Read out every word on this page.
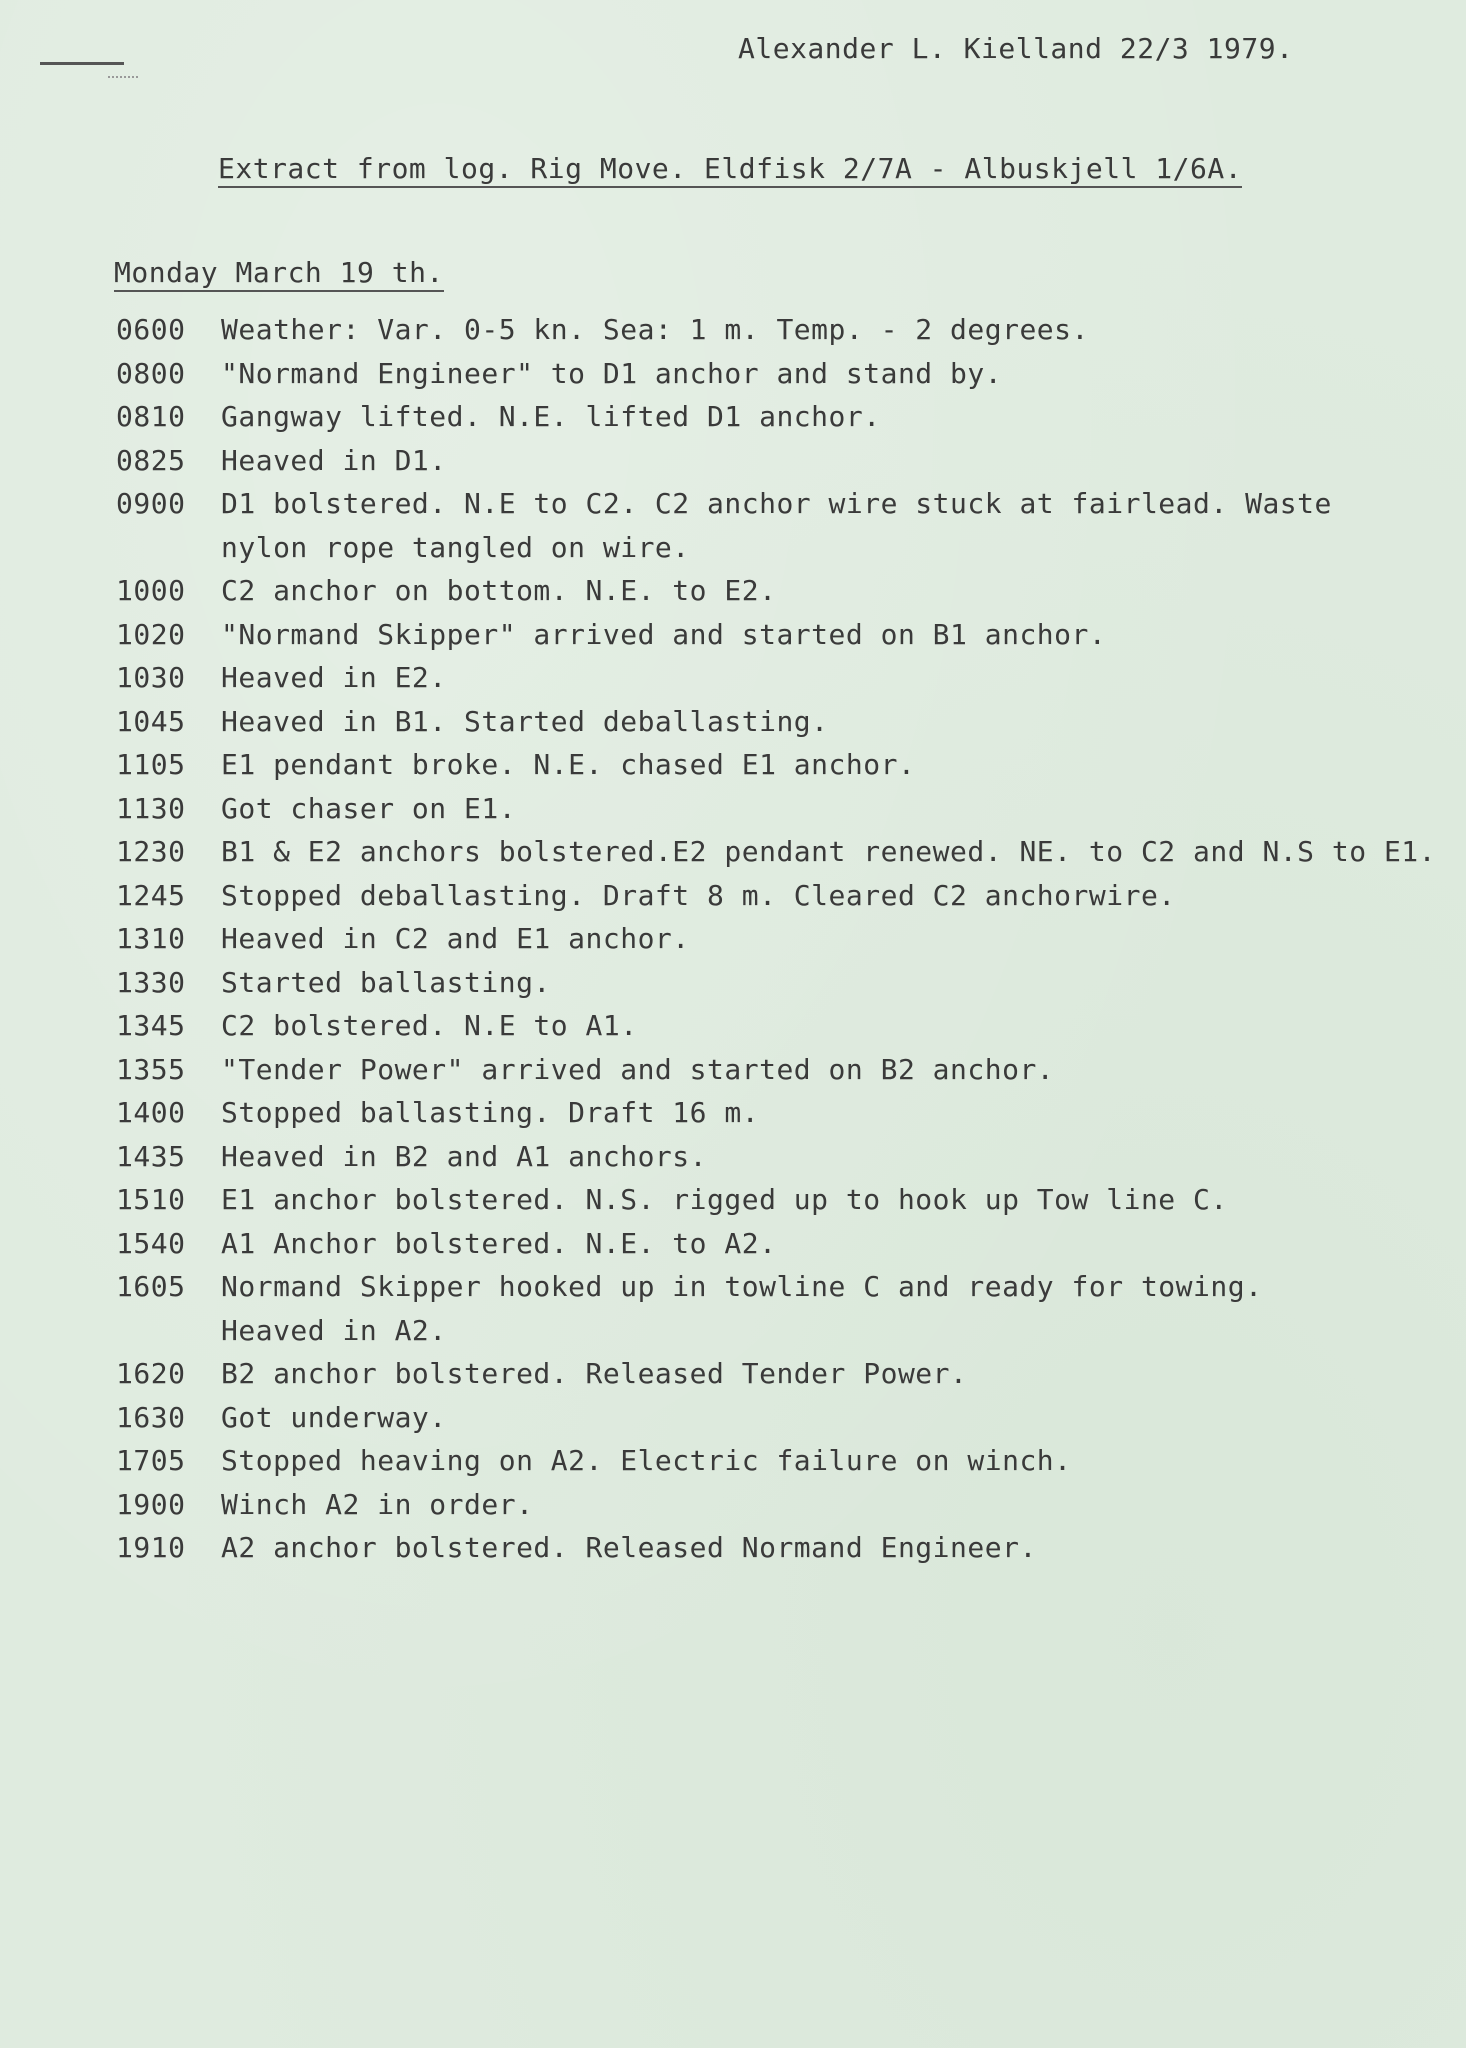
Alexander L. Kielland 22/3 1979.
Extract from log. Rig Move. Eldfisk 2/7A - Albuskjell 1/6A.
Monday March 19 th.
0600	Weather: Var. 0-5 kn. Sea: 1 m. Temp. - 2 degrees.
0800	"Normand Engineer" to D1 anchor and stand by.
0810	Gangway lifted. N.E. lifted D1 anchor.
0825	Heaved in D1.
0900	D1 bolstered. N.E to C2. C2 anchor wire stuck at fairlead. Waste
nylon rope tangled on wire.
1000	C2 anchor on bottom. N.E. to E2.
1020	"Normand Skipper" arrived and started on B1 anchor.
1030	Heaved in E2.
1045	Heaved in B1. Started deballasting.
1105	E1 pendant broke. N.E. chased E1 anchor.
1130	Got chaser on E1.
1230	B1 & E2 anchors bolstered.E2 pendant renewed. NE. to C2 and N.S to E1.
1245	Stopped deballasting. Draft 8 m. Cleared C2 anchorwire.
1310	Heaved in C2 and E1 anchor.
1330	Started ballasting.
1345	C2 bolstered. N.E to A1.
1355	"Tender Power" arrived and started on B2 anchor.
1400	Stopped ballasting. Draft 16 m.
1435	Heaved in B2 and A1 anchors.
1510	E1 anchor bolstered. N.S. rigged up to hook up Tow line C.
1540	A1 Anchor bolstered. N.E. to A2.
1605	Normand Skipper hooked up in towline C and ready for towing.
Heaved in A2.
1620	B2 anchor bolstered. Released Tender Power.
1630	Got underway.
1705	Stopped heaving on A2. Electric failure on winch.
1900	Winch A2 in order.
1910	A2 anchor bolstered. Released Normand Engineer.
